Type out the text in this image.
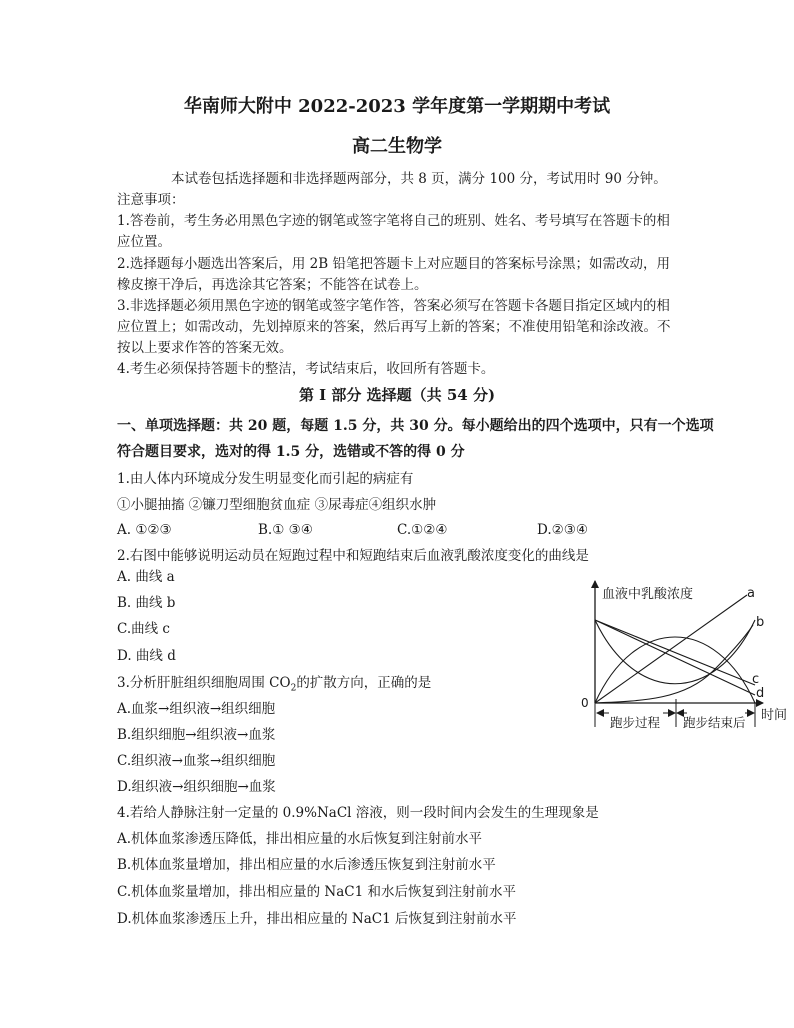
华南师大附中 2022-2023 学年度第一学期期中考试
高二生物学
本试卷包括选择题和非选择题两部分，共 8 页，满分 100 分，考试用时 90 分钟。
注意事项：
1.答卷前，考生务必用黑色字迹的钢笔或签字笔将自己的班别、姓名、考号填写在答题卡的相
应位置。
2.选择题每小题选出答案后，用 2B 铅笔把答题卡上对应题目的答案标号涂黑；如需改动，用
橡皮擦干净后，再选涂其它答案；不能答在试卷上。
3.非选择题必须用黑色字迹的钢笔或签字笔作答，答案必须写在答题卡各题目指定区域内的相
应位置上；如需改动，先划掉原来的答案，然后再写上新的答案；不准使用铅笔和涂改液。不
按以上要求作答的答案无效。
4.考生必须保持答题卡的整洁，考试结束后，收回所有答题卡。
第 I 部分 选择题（共 54 分)
一、单项选择题：共 20 题，每题 1.5 分，共 30 分。每小题给出的四个选项中，只有一个选项
符合题目要求，选对的得 1.5 分，选错或不答的得 0 分
1.由人体内环境成分发生明显变化而引起的病症有
①小腿抽搐 ②镰刀型细胞贫血症 ③尿毒症④组织水肿
A. ①②③	B.① ③④	C.①②④	D.②③④
2.右图中能够说明运动员在短跑过程中和短跑结束后血液乳酸浓度变化的曲线是
A. 曲线 a
B. 曲线 b
C.曲线 c
D. 曲线 d
3.分析肝脏组织细胞周围 $CO_2$的扩散方向，正确的是
A.血浆→组织液→组织细胞
B.组织细胞→组织液→血浆
C.组织液→血浆→组织细胞
D.组织液→组织细胞→血浆
4.若给人静脉注射一定量的 0.9%NaCl 溶液，则一段时间内会发生的生理现象是
A.机体血浆渗透压降低，排出相应量的水后恢复到注射前水平
B.机体血浆量增加，排出相应量的水后渗透压恢复到注射前水平
C.机体血浆量增加，排出相应量的 NaC1 和水后恢复到注射前水平
D.机体血浆渗透压上升，排出相应量的 NaC1 后恢复到注射前水平
血液中乳酸浓度
0
时间
跑步过程 跑步结束后
a
b
c
d
